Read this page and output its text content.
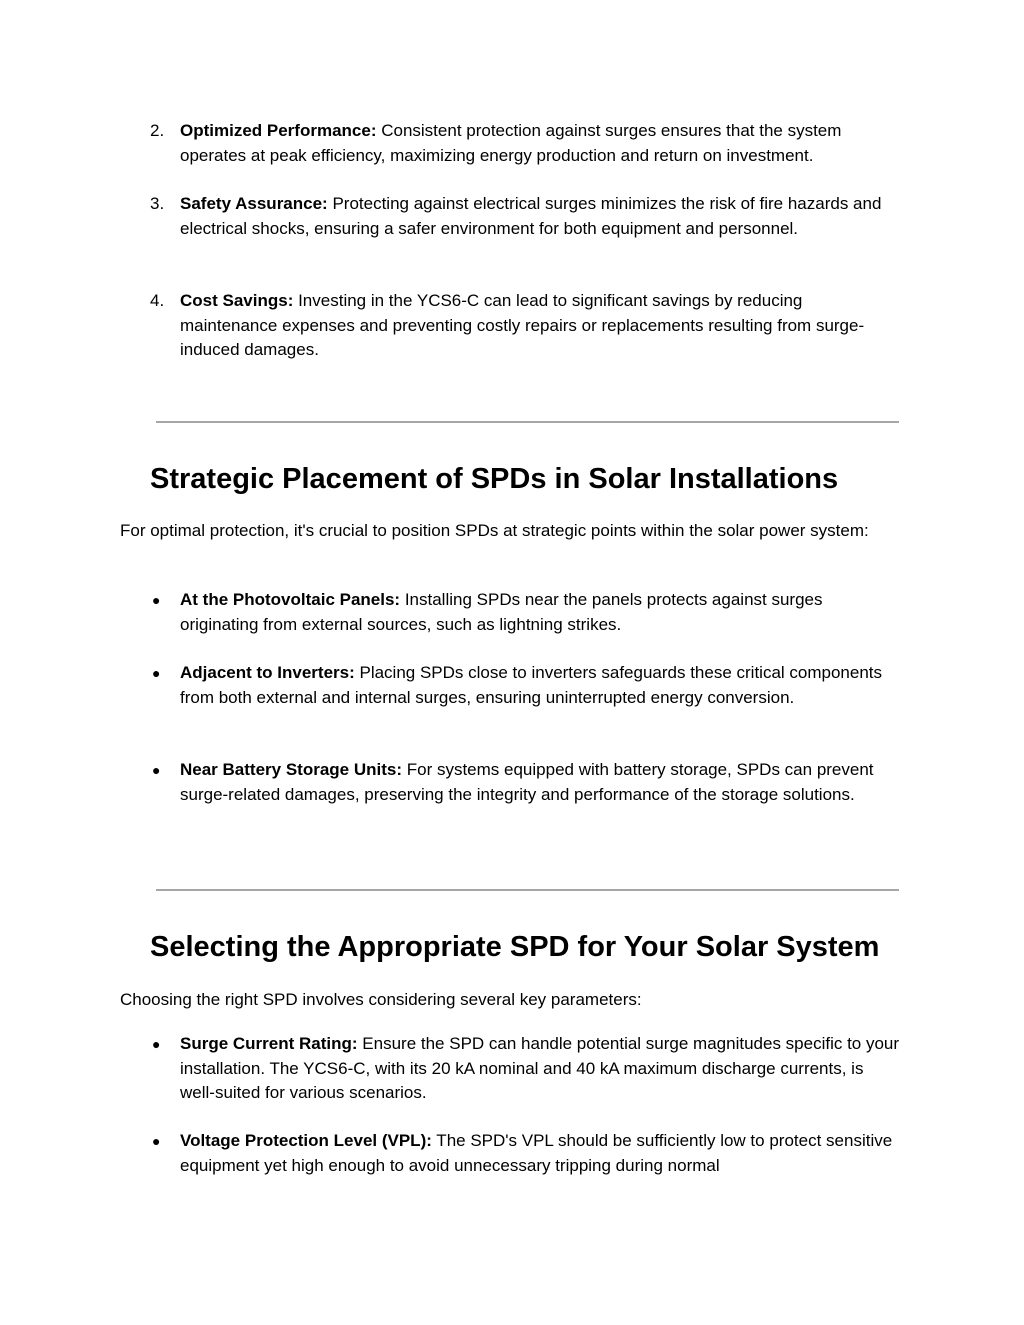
2. Optimized Performance: Consistent protection against surges ensures that the system operates at peak efficiency, maximizing energy production and return on investment.
3. Safety Assurance: Protecting against electrical surges minimizes the risk of fire hazards and electrical shocks, ensuring a safer environment for both equipment and personnel.
4. Cost Savings: Investing in the YCS6-C can lead to significant savings by reducing maintenance expenses and preventing costly repairs or replacements resulting from surge-induced damages.
Strategic Placement of SPDs in Solar Installations

For optimal protection, it's crucial to position SPDs at strategic points within the solar power system:

●	At the Photovoltaic Panels: Installing SPDs near the panels protects against surges originating from external sources, such as lightning strikes.
●	Adjacent to Inverters: Placing SPDs close to inverters safeguards these critical components from both external and internal surges, ensuring uninterrupted energy conversion.
●	Near Battery Storage Units: For systems equipped with battery storage, SPDs can prevent surge-related damages, preserving the integrity and performance of the storage solutions.
Selecting the Appropriate SPD for Your Solar System

Choosing the right SPD involves considering several key parameters:

●	Surge Current Rating: Ensure the SPD can handle potential surge magnitudes specific to your installation. The YCS6-C, with its 20 kA nominal and 40 kA maximum discharge currents, is well-suited for various scenarios.
●	Voltage Protection Level (VPL): The SPD's VPL should be sufficiently low to protect sensitive equipment yet high enough to avoid unnecessary tripping during normal
